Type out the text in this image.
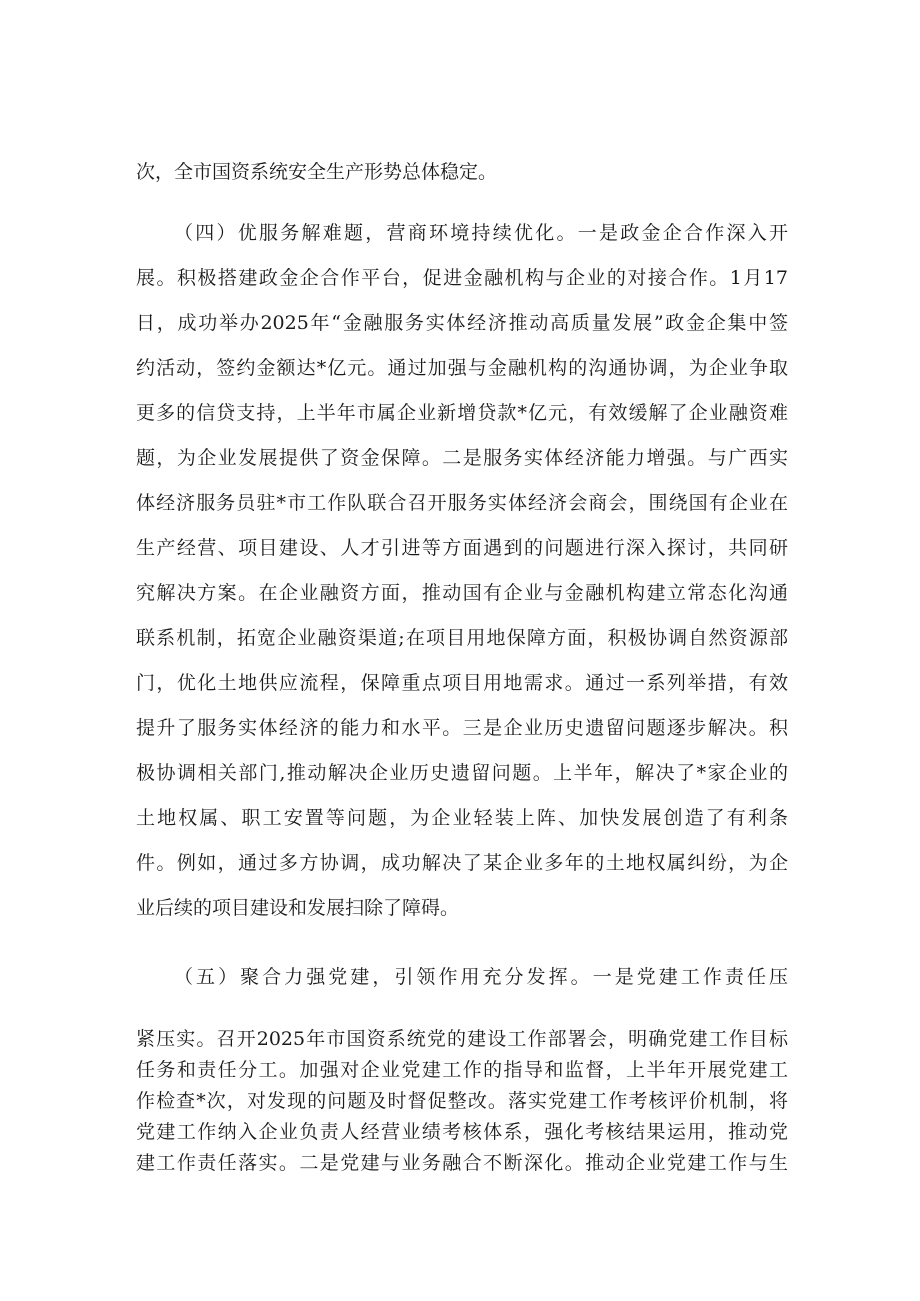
次，全市国资系统安全生产形势总体稳定。
（四）优服务解难题，营商环境持续优化。一是政金企合作深入开
展。积极搭建政金企合作平台，促进金融机构与企业的对接合作。1月17
日，成功举办2025年“金融服务实体经济推动高质量发展”政金企集中签
约活动，签约金额达*亿元。通过加强与金融机构的沟通协调，为企业争取
更多的信贷支持，上半年市属企业新增贷款*亿元，有效缓解了企业融资难
题，为企业发展提供了资金保障。二是服务实体经济能力增强。与广西实
体经济服务员驻*市工作队联合召开服务实体经济会商会，围绕国有企业在
生产经营、项目建设、人才引进等方面遇到的问题进行深入探讨，共同研
究解决方案。在企业融资方面，推动国有企业与金融机构建立常态化沟通
联系机制，拓宽企业融资渠道;在项目用地保障方面，积极协调自然资源部
门，优化土地供应流程，保障重点项目用地需求。通过一系列举措，有效
提升了服务实体经济的能力和水平。三是企业历史遗留问题逐步解决。积
极协调相关部门,推动解决企业历史遗留问题。上半年，解决了*家企业的
土地权属、职工安置等问题，为企业轻装上阵、加快发展创造了有利条
件。例如，通过多方协调，成功解决了某企业多年的土地权属纠纷，为企
业后续的项目建设和发展扫除了障碍。
（五）聚合力强党建，引领作用充分发挥。一是党建工作责任压
紧压实。召开2025年市国资系统党的建设工作部署会，明确党建工作目标
任务和责任分工。加强对企业党建工作的指导和监督，上半年开展党建工
作检查*次，对发现的问题及时督促整改。落实党建工作考核评价机制，将
党建工作纳入企业负责人经营业绩考核体系，强化考核结果运用，推动党
建工作责任落实。二是党建与业务融合不断深化。推动企业党建工作与生
